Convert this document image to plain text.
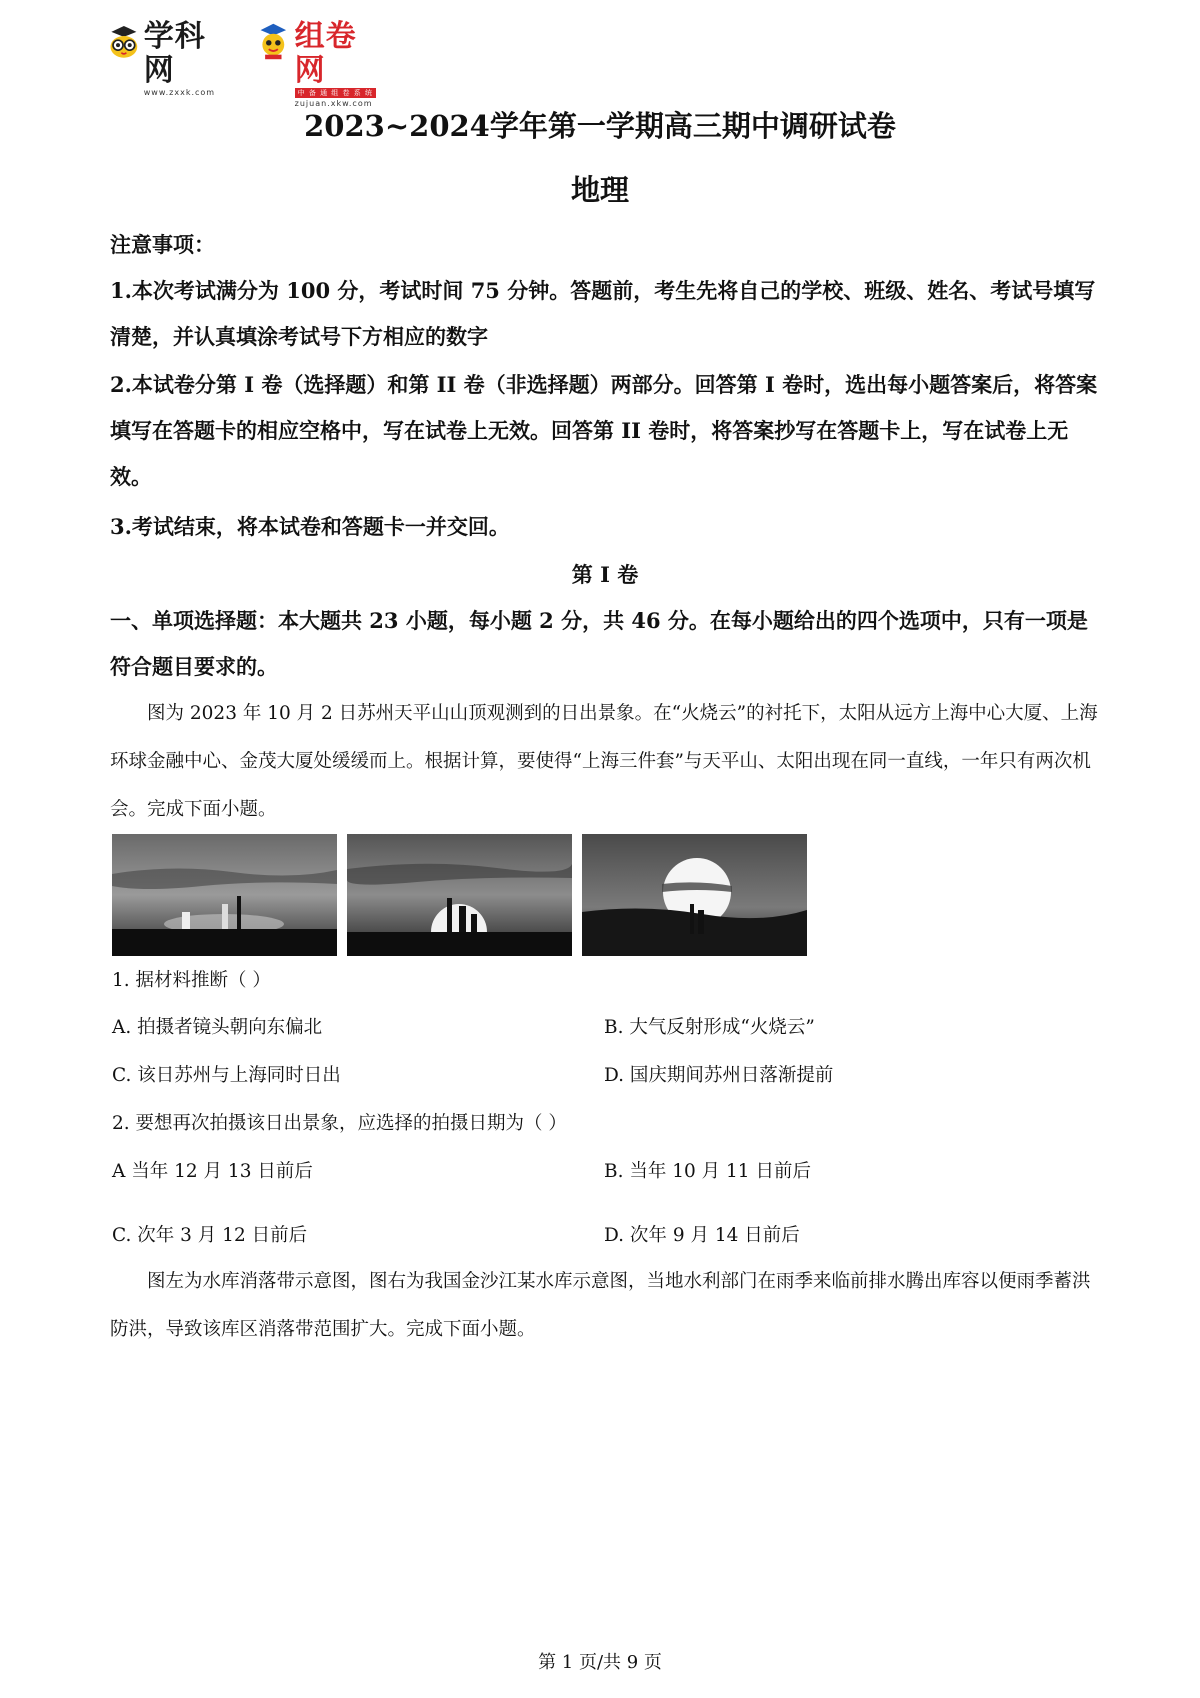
学科网
www.zxxk.com
组卷网
中 备 通 组 卷 系 统
zujuan.xkw.com
2023~2024学年第一学期高三期中调研试卷
地理
注意事项：
1.本次考试满分为 100 分，考试时间 75 分钟。答题前，考生先将自己的学校、班级、姓名、考试号填写清楚，并认真填涂考试号下方相应的数字
2.本试卷分第 I 卷（选择题）和第 II 卷（非选择题）两部分。回答第 I 卷时，选出每小题答案后，将答案填写在答题卡的相应空格中，写在试卷上无效。回答第 II 卷时，将答案抄写在答题卡上，写在试卷上无效。
3.考试结束，将本试卷和答题卡一并交回。
第 I 卷
一、单项选择题：本大题共 23 小题，每小题 2 分，共 46 分。在每小题给出的四个选项中，只有一项是符合题目要求的。
图为 2023 年 10 月 2 日苏州天平山山顶观测到的日出景象。在“火烧云”的衬托下，太阳从远方上海中心大厦、上海环球金融中心、金茂大厦处缓缓而上。根据计算，要使得“上海三件套”与天平山、太阳出现在同一直线，一年只有两次机会。完成下面小题。
1. 据材料推断（ ）
A. 拍摄者镜头朝向东偏北	B. 大气反射形成“火烧云”
C. 该日苏州与上海同时日出	D. 国庆期间苏州日落渐提前
2. 要想再次拍摄该日出景象，应选择的拍摄日期为（ ）
A 当年 12 月 13 日前后	B. 当年 10 月 11 日前后
C. 次年 3 月 12 日前后	D. 次年 9 月 14 日前后
图左为水库消落带示意图，图右为我国金沙江某水库示意图，当地水利部门在雨季来临前排水腾出库容以便雨季蓄洪防洪，导致该库区消落带范围扩大。完成下面小题。
第 1 页/共 9 页
